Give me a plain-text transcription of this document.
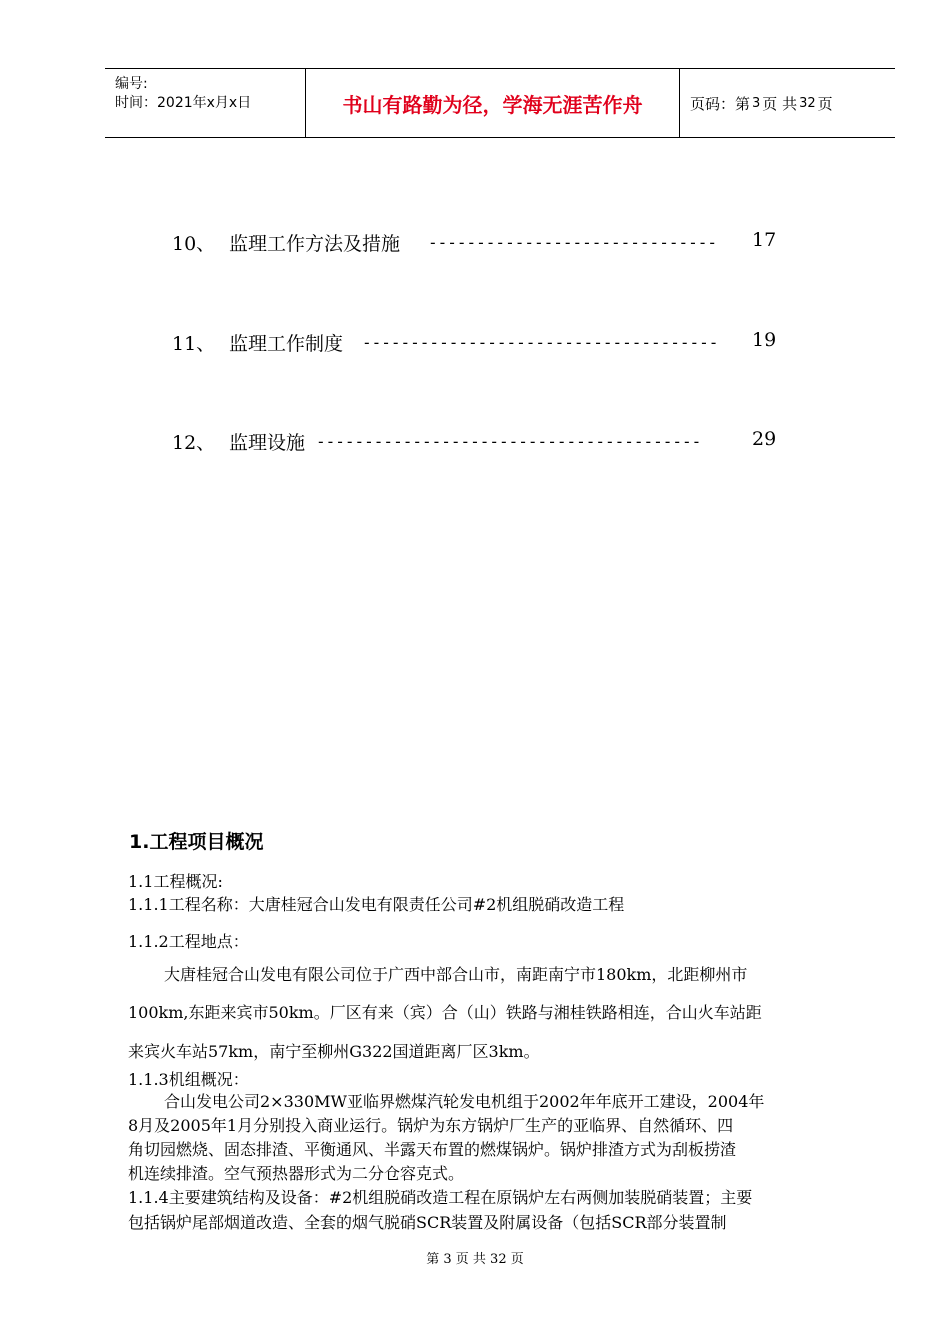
编号:
时间：2021年x月x日	书山有路勤为径，学海无涯苦作舟	页码：第 3 页 共 32 页
10、 监理工作方法及措施 ------------------------------	17
11、 监理工作制度 -------------------------------------	19
12、 监理设施 ----------------------------------------	29
1.工程项目概况
1.1工程概况:
1.1.1工程名称：大唐桂冠合山发电有限责任公司#2机组脱硝改造工程
1.1.2工程地点：
大唐桂冠合山发电有限公司位于广西中部合山市，南距南宁市180km，北距柳州市
100km,东距来宾市50km。厂区有来（宾）合（山）铁路与湘桂铁路相连，合山火车站距
来宾火车站57km，南宁至柳州G322国道距离厂区3km。
1.1.3机组概况：
合山发电公司2×330MW亚临界燃煤汽轮发电机组于2002年年底开工建设，2004年
8月及2005年1月分别投入商业运行。锅炉为东方锅炉厂生产的亚临界、自然循环、四
角切园燃烧、固态排渣、平衡通风、半露天布置的燃煤锅炉。锅炉排渣方式为刮板捞渣
机连续排渣。空气预热器形式为二分仓容克式。
1.1.4主要建筑结构及设备：#2机组脱硝改造工程在原锅炉左右两侧加装脱硝装置；主要
包括锅炉尾部烟道改造、全套的烟气脱硝SCR装置及附属设备（包括SCR部分装置制
第 3 页 共 32 页
